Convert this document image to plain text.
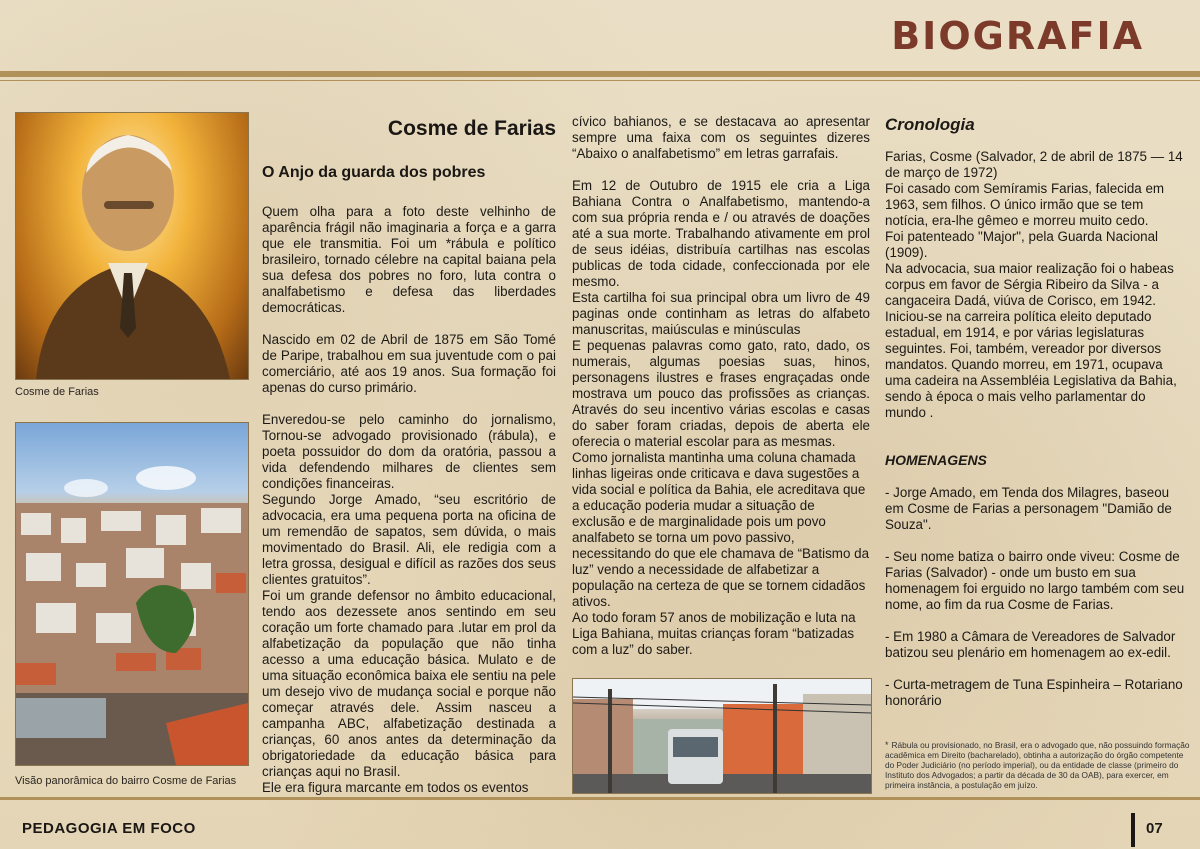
BIOGRAFIA
Cosme de Farias
Visão panorâmica do bairro Cosme de Farias
Cosme de Farias
O Anjo da guarda dos pobres

Quem olha para a foto deste velhinho de aparência frágil não imaginaria a força e a garra que ele transmitia. Foi um *rábula e político brasileiro, tornado célebre na capital baiana pela sua defesa dos pobres no foro, luta contra o analfabetismo e defesa das liberdades democráticas.

Nascido em 02 de Abril de 1875 em São Tomé de Paripe, trabalhou em sua juventude com o pai comerciário, até aos 19 anos. Sua formação foi apenas do curso primário.

Enveredou-se pelo caminho do jornalismo, Tornou-se advogado provisionado (rábula), e poeta possuidor do dom da oratória, passou a vida defendendo milhares de clientes sem condições financeiras.

Segundo Jorge Amado, “seu escritório de advocacia, era uma pequena porta na oficina de um remendão de sapatos, sem dúvida, o mais movimentado do Brasil. Ali, ele redigia com a letra grossa, desigual e difícil as razões dos seus clientes gratuitos”.

Foi um grande defensor no âmbito educacional, tendo aos dezessete anos sentindo em seu coração um forte chamado para .lutar em prol da alfabetização da população que não tinha acesso a uma educação básica. Mulato e de uma situação econômica baixa ele sentiu na pele um desejo vivo de mudança social e porque não começar através dele. Assim nasceu a campanha ABC, alfabetização destinada a crianças, 60 anos antes da determinação da obrigatoriedade da educação básica para crianças aqui no Brasil.

Ele era figura marcante em todos os eventos

cívico bahianos, e se destacava ao apresentar sempre uma faixa com os seguintes dizeres “Abaixo o analfabetismo” em letras garrafais.

Em 12 de Outubro de 1915 ele cria a Liga Bahiana Contra o Analfabetismo, mantendo-a com sua própria renda e / ou através de doações até a sua morte. Trabalhando ativamente em prol de seus idéias, distribuía cartilhas nas escolas publicas de toda cidade, confeccionada por ele mesmo.

Esta cartilha foi sua principal obra um livro de 49 paginas onde continham as letras do alfabeto manuscritas, maiúsculas e minúsculas

E pequenas palavras como gato, rato, dado, os numerais, algumas poesias suas, hinos, personagens ilustres e frases engraçadas onde mostrava um pouco das profissões as crianças. Através do seu incentivo várias escolas e casas do saber foram criadas, depois de aberta ele oferecia o material escolar para as mesmas.

Como jornalista mantinha uma coluna chamada linhas ligeiras onde criticava e dava sugestões a vida social e política da Bahia, ele acreditava que a educação poderia mudar a situação de exclusão e de marginalidade pois um povo analfabeto se torna um povo passivo, necessitando do que ele chamava de “Batismo da luz” vendo a necessidade de alfabetizar a população na certeza de que se tornem cidadãos ativos.

Ao todo foram 57 anos de mobilização e luta na Liga Bahiana, muitas crianças foram “batizadas com a luz” do saber.

Cronologia

Farias, Cosme (Salvador, 2 de abril de 1875 — 14 de março de 1972)

Foi casado com Semíramis Farias, falecida em 1963, sem filhos. O único irmão que se tem notícia, era-lhe gêmeo e morreu muito cedo.

Foi patenteado "Major", pela Guarda Nacional (1909).

Na advocacia, sua maior realização foi o habeas corpus em favor de Sérgia Ribeiro da Silva - a cangaceira Dadá, viúva de Corisco, em 1942.

Iniciou-se na carreira política eleito deputado estadual, em 1914, e por várias legislaturas seguintes. Foi, também, vereador por diversos mandatos. Quando morreu, em 1971, ocupava uma cadeira na Assembléia Legislativa da Bahia, sendo à época o mais velho parlamentar do mundo .

HOMENAGENS

- Jorge Amado, em Tenda dos Milagres, baseou em Cosme de Farias a personagem "Damião de Souza".

- Seu nome batiza o bairro onde viveu: Cosme de Farias (Salvador) - onde um busto em sua homenagem foi erguido no largo também com seu nome, ao fim da rua Cosme de Farias.

- Em 1980 a Câmara de Vereadores de Salvador batizou seu plenário em homenagem ao ex-edil.

- Curta-metragem de Tuna Espinheira – Rotariano honorário

* Rábula ou provisionado, no Brasil, era o advogado que, não possuindo formação acadêmica em Direito (bacharelado), obtinha a autorização do órgão competente do Poder Judiciário (no período imperial), ou da entidade de classe (primeiro do Instituto dos Advogados; a partir da década de 30 da OAB), para exercer, em primeira instância, a postulação em juízo.
PEDAGOGIA EM FOCO	07
